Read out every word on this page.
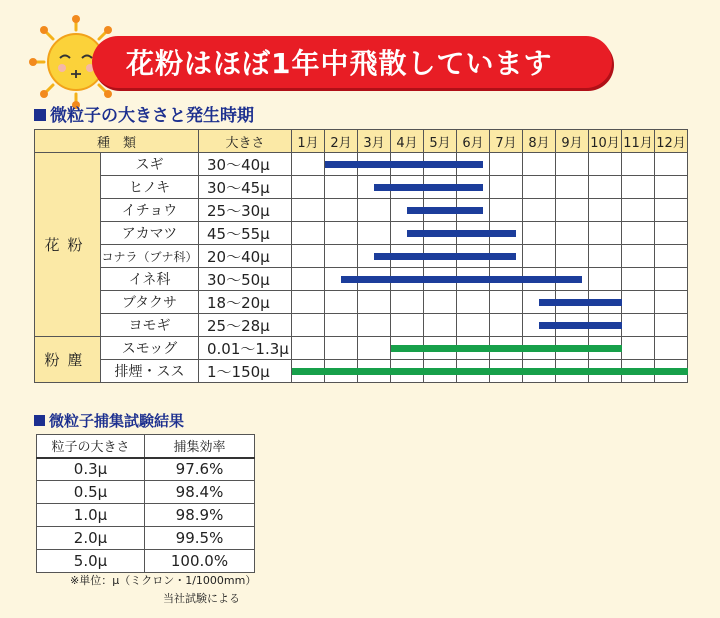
花粉はほぼ1年中飛散しています
微粒子の大きさと発生時期
種　類		大きさ	1月	2月	3月	4月	5月	6月	7月	8月	9月	10月	11月	12月
花粉	スギ	30～40μ												
	ヒノキ	30～45μ												
	イチョウ	25～30μ												
	アカマツ	45～55μ												
	コナラ（ブナ科）	20～40μ												
	イネ科	30～50μ												
	ブタクサ	18～20μ												
	ヨモギ	25～28μ												
粉塵	スモッグ	0.01～1.3μ												
	排煙・スス	1～150μ												
微粒子捕集試験結果
粒子の大きさ	捕集効率
0.3μ	97.6%
0.5μ	98.4%
1.0μ	98.9%
2.0μ	99.5%
5.0μ	100.0%
※単位：μ（ミクロン・1/1000mm）
当社試験による
